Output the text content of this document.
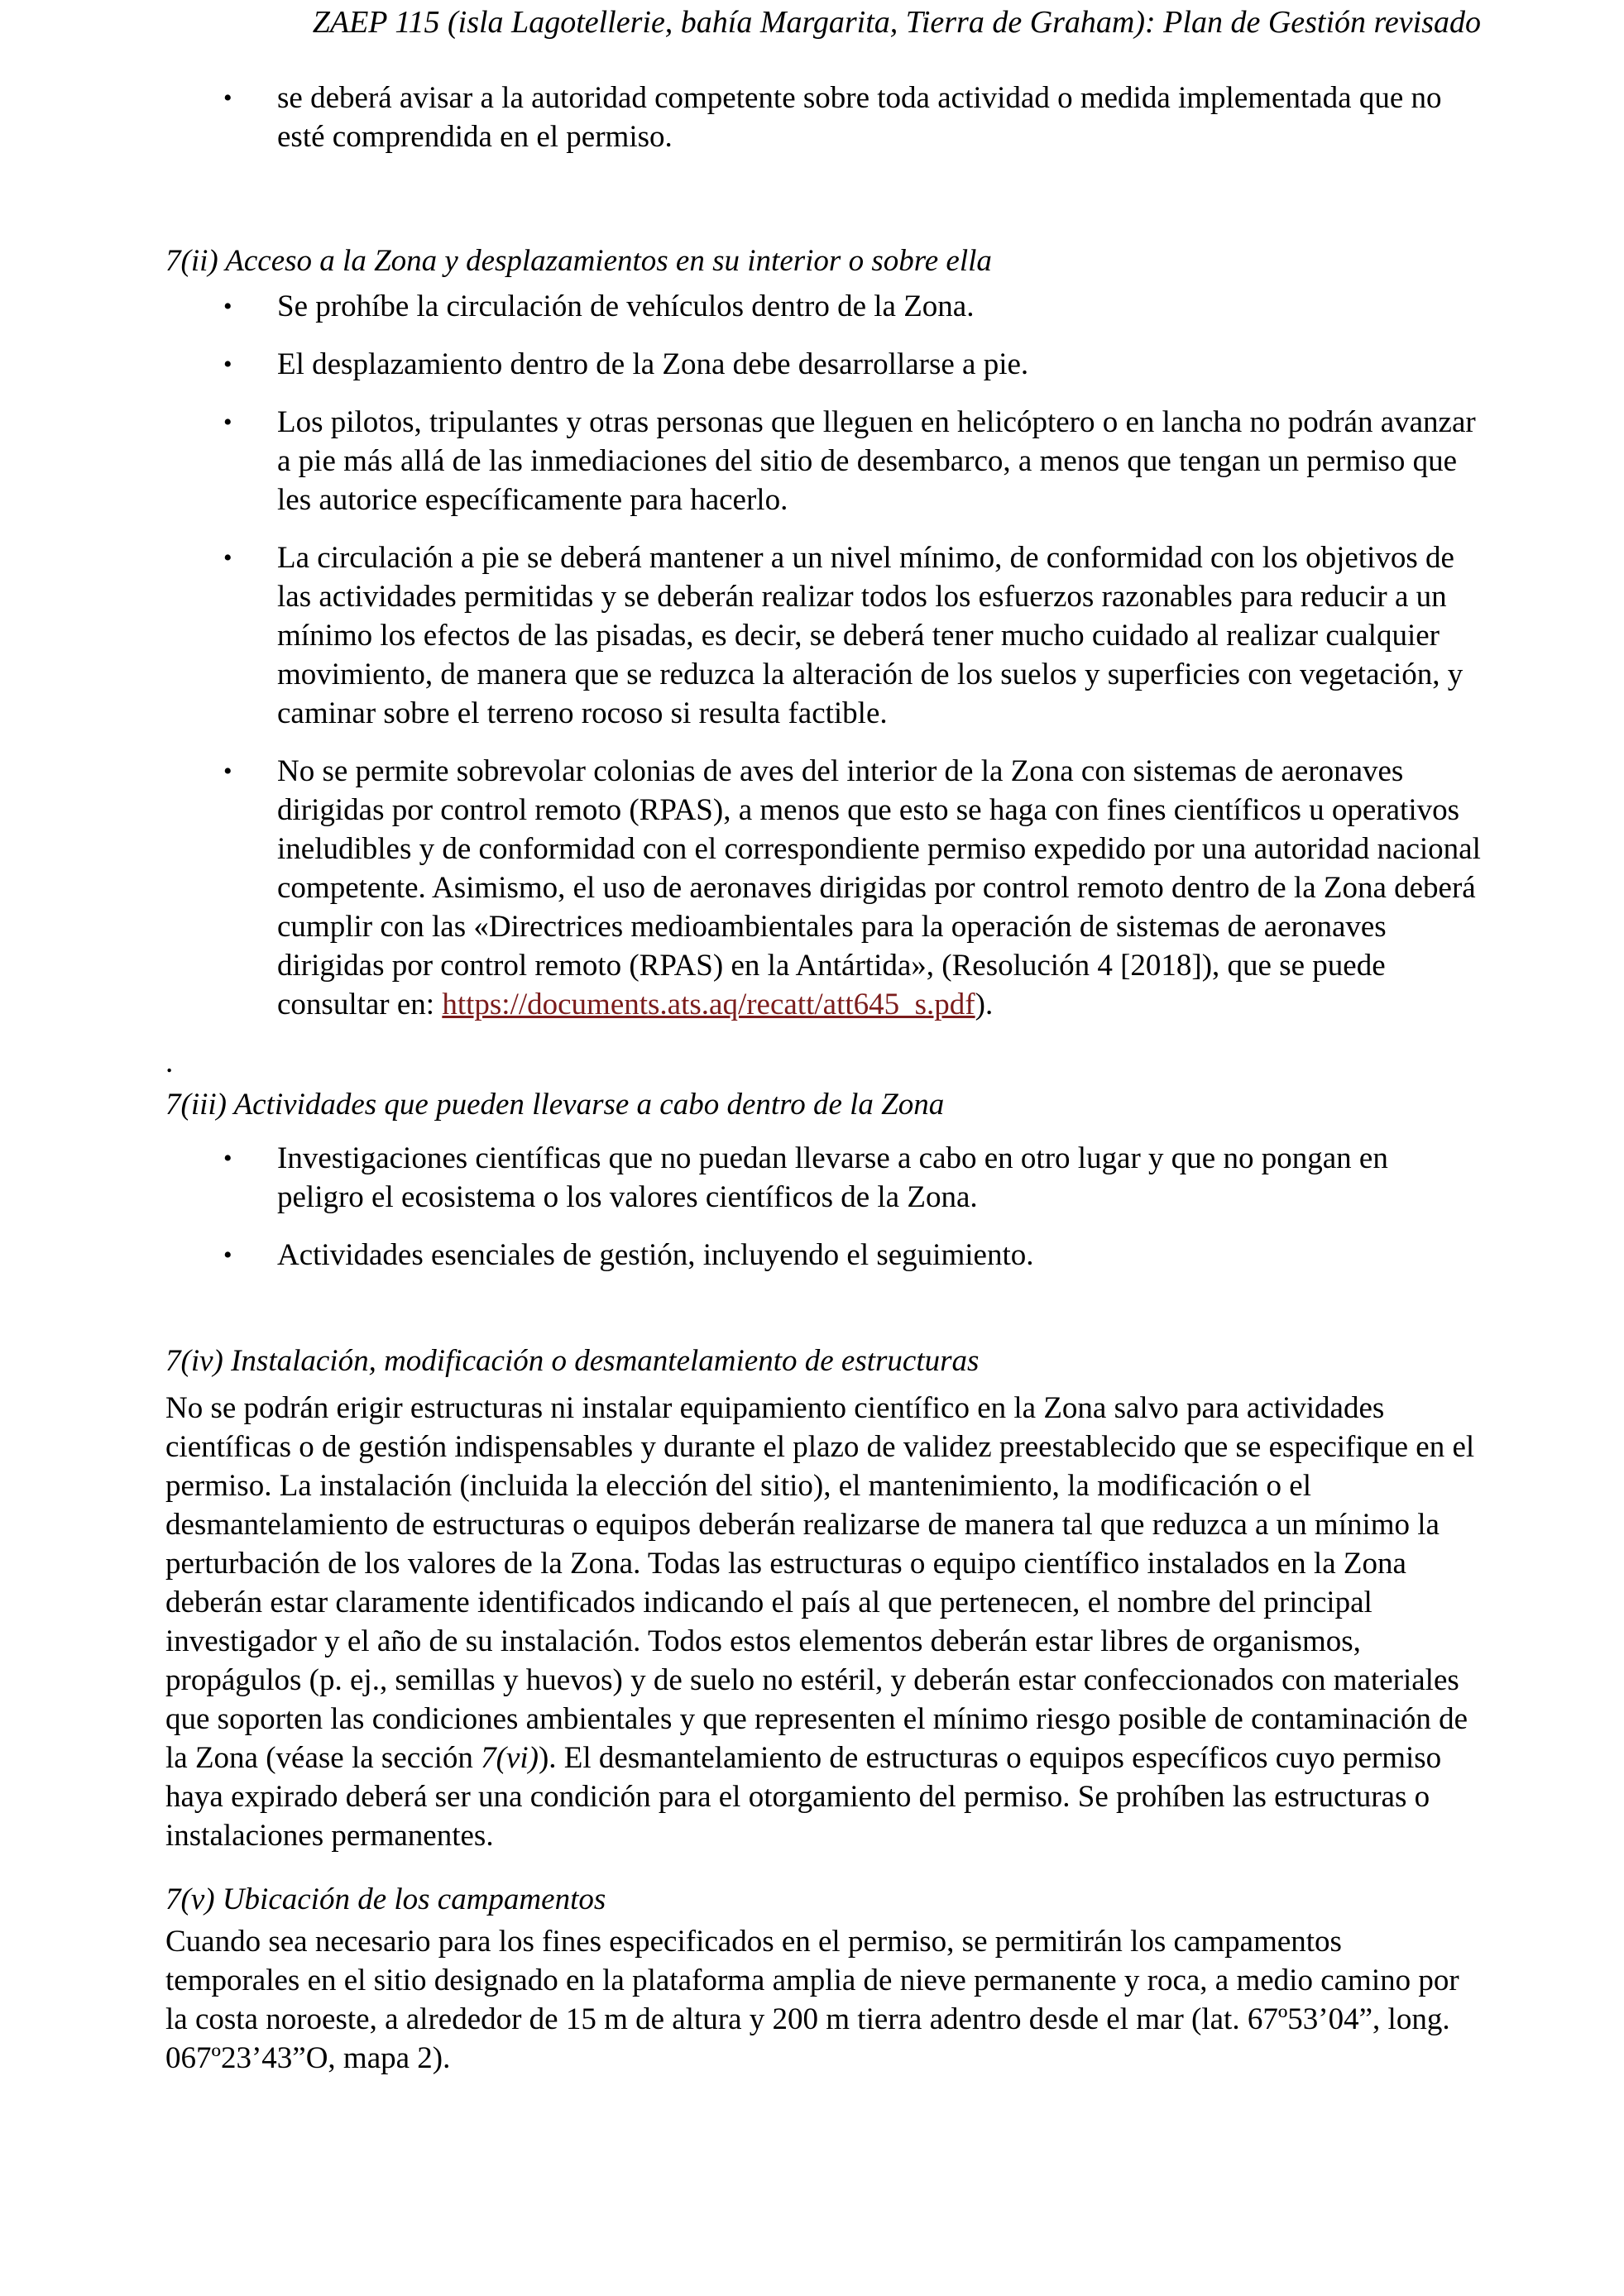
ZAEP 115 (isla Lagotellerie, bahía Margarita, Tierra de Graham): Plan de Gestión revisado
• se deberá avisar a la autoridad competente sobre toda actividad o medida implementada que no esté comprendida en el permiso.

7(ii) Acceso a la Zona y desplazamientos en su interior o sobre ella

• Se prohíbe la circulación de vehículos dentro de la Zona.
• El desplazamiento dentro de la Zona debe desarrollarse a pie.
• Los pilotos, tripulantes y otras personas que lleguen en helicóptero o en lancha no podrán avanzar a pie más allá de las inmediaciones del sitio de desembarco, a menos que tengan un permiso que les autorice específicamente para hacerlo.
• La circulación a pie se deberá mantener a un nivel mínimo, de conformidad con los objetivos de las actividades permitidas y se deberán realizar todos los esfuerzos razonables para reducir a un mínimo los efectos de las pisadas, es decir, se deberá tener mucho cuidado al realizar cualquier movimiento, de manera que se reduzca la alteración de los suelos y superficies con vegetación, y caminar sobre el terreno rocoso si resulta factible.
• No se permite sobrevolar colonias de aves del interior de la Zona con sistemas de aeronaves dirigidas por control remoto (RPAS), a menos que esto se haga con fines científicos u operativos ineludibles y de conformidad con el correspondiente permiso expedido por una autoridad nacional competente. Asimismo, el uso de aeronaves dirigidas por control remoto dentro de la Zona deberá cumplir con las «Directrices medioambientales para la operación de sistemas de aeronaves dirigidas por control remoto (RPAS) en la Antártida», (Resolución 4 [2018]), que se puede consultar en: https://documents.ats.aq/recatt/att645_s.pdf).

.

7(iii) Actividades que pueden llevarse a cabo dentro de la Zona

• Investigaciones científicas que no puedan llevarse a cabo en otro lugar y que no pongan en peligro el ecosistema o los valores científicos de la Zona.
• Actividades esenciales de gestión, incluyendo el seguimiento.

7(iv) Instalación, modificación o desmantelamiento de estructuras

No se podrán erigir estructuras ni instalar equipamiento científico en la Zona salvo para actividades científicas o de gestión indispensables y durante el plazo de validez preestablecido que se especifique en el permiso. La instalación (incluida la elección del sitio), el mantenimiento, la modificación o el desmantelamiento de estructuras o equipos deberán realizarse de manera tal que reduzca a un mínimo la perturbación de los valores de la Zona. Todas las estructuras o equipo científico instalados en la Zona deberán estar claramente identificados indicando el país al que pertenecen, el nombre del principal investigador y el año de su instalación. Todos estos elementos deberán estar libres de organismos, propágulos (p. ej., semillas y huevos) y de suelo no estéril, y deberán estar confeccionados con materiales que soporten las condiciones ambientales y que representen el mínimo riesgo posible de contaminación de la Zona (véase la sección 7(vi)). El desmantelamiento de estructuras o equipos específicos cuyo permiso haya expirado deberá ser una condición para el otorgamiento del permiso. Se prohíben las estructuras o instalaciones permanentes.

7(v) Ubicación de los campamentos

Cuando sea necesario para los fines especificados en el permiso, se permitirán los campamentos temporales en el sitio designado en la plataforma amplia de nieve permanente y roca, a medio camino por la costa noroeste, a alrededor de 15 m de altura y 200 m tierra adentro desde el mar (lat. 67º53’04”, long. 067º23’43”O, mapa 2).
